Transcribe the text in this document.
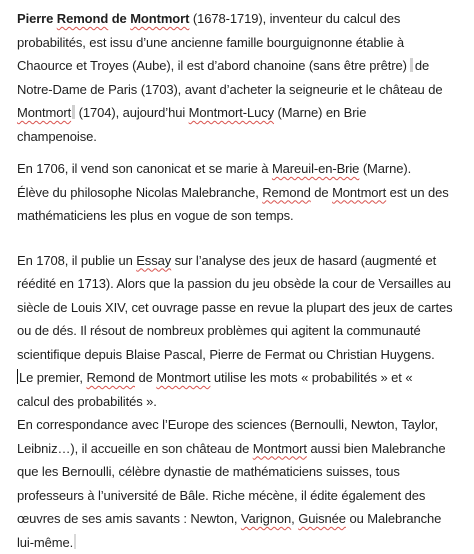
Pierre Remond de Montmort (1678-1719), inventeur du calcul des
probabilités, est issu d’une ancienne famille bourguignonne établie à
Chaource et Troyes (Aube), il est d’abord chanoine (sans être prêtre) de
Notre-Dame de Paris (1703), avant d’acheter la seigneurie et le château de
Montmort (1704), aujourd’hui Montmort-Lucy (Marne) en Brie
champenoise.
En 1706, il vend son canonicat et se marie à Mareuil-en-Brie (Marne).
Élève du philosophe Nicolas Malebranche, Remond de Montmort est un des
mathématiciens les plus en vogue de son temps.
En 1708, il publie un Essay sur l’analyse des jeux de hasard (augmenté et
réédité en 1713). Alors que la passion du jeu obsède la cour de Versailles au
siècle de Louis XIV, cet ouvrage passe en revue la plupart des jeux de cartes
ou de dés. Il résout de nombreux problèmes qui agitent la communauté
scientifique depuis Blaise Pascal, Pierre de Fermat ou Christian Huygens.
Le premier, Remond de Montmort utilise les mots « probabilités » et «
calcul des probabilités ».
En correspondance avec l’Europe des sciences (Bernoulli, Newton, Taylor,
Leibniz…), il accueille en son château de Montmort aussi bien Malebranche
que les Bernoulli, célèbre dynastie de mathématiciens suisses, tous
professeurs à l’université de Bâle. Riche mécène, il édite également des
œuvres de ses amis savants : Newton, Varignon, Guisnée ou Malebranche
lui-même.
